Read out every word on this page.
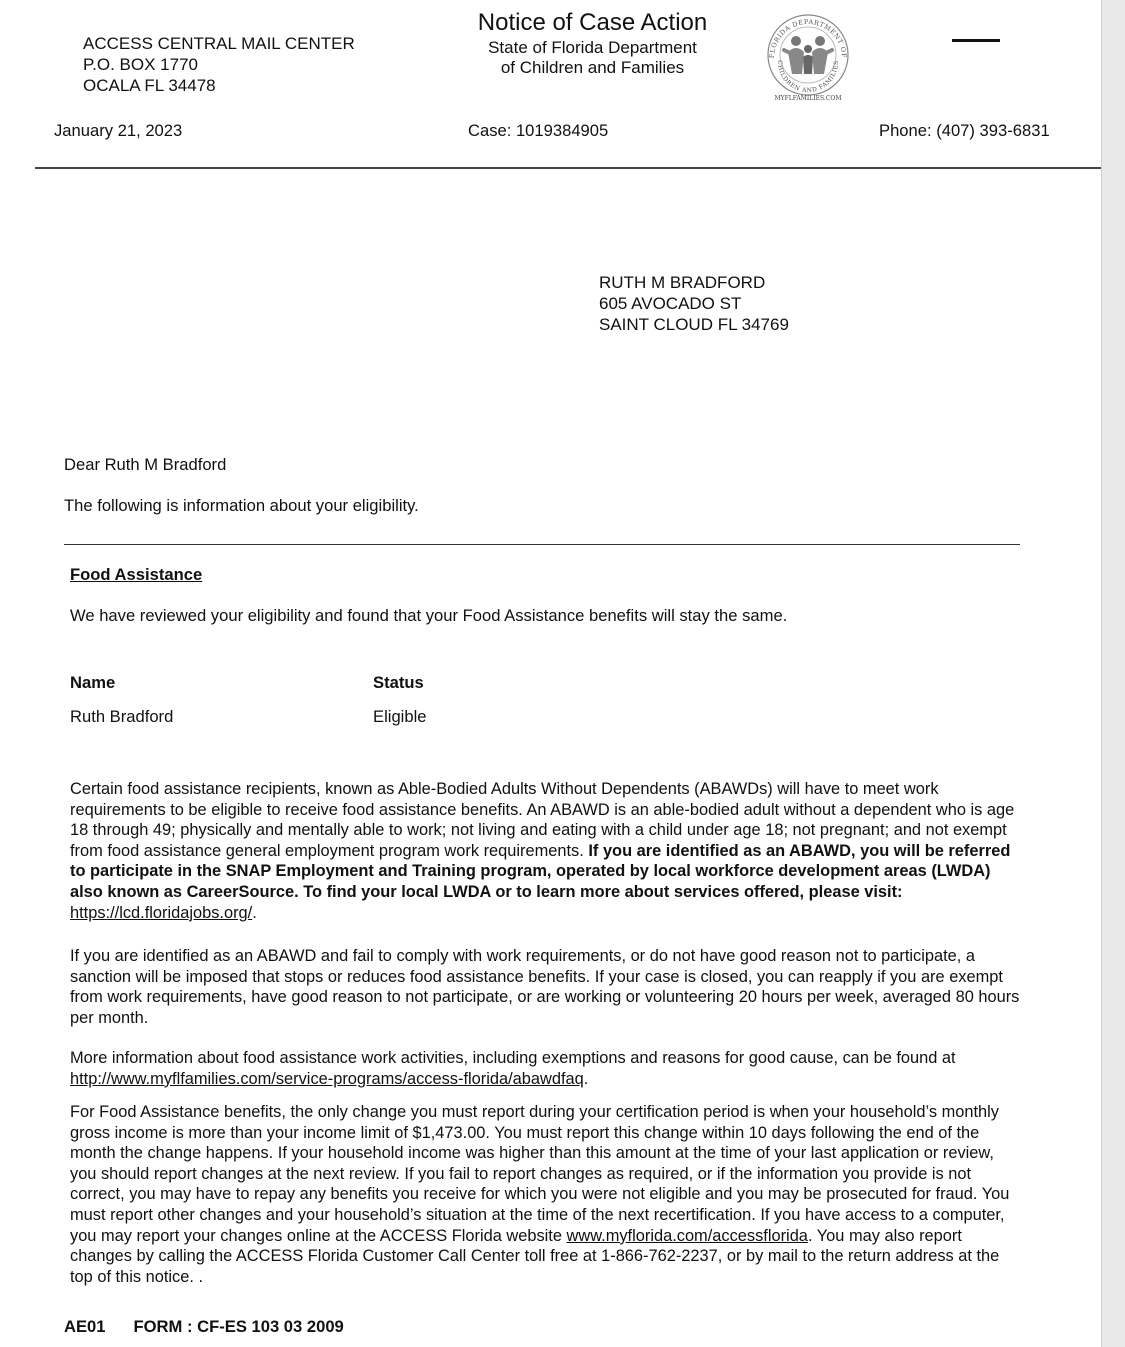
ACCESS CENTRAL MAIL CENTER
P.O. BOX 1770
OCALA FL 34478
Notice of Case Action
State of Florida Department
of Children and Families
FLORIDA DEPARTMENT OF
CHILDREN AND FAMILIES
MYFLFAMILIES.COM
January 21, 2023	Case: 1019384905	Phone: (407) 393-6831
RUTH M BRADFORD
605 AVOCADO ST
SAINT CLOUD FL 34769
Dear Ruth M Bradford
The following is information about your eligibility.
Food Assistance
We have reviewed your eligibility and found that your Food Assistance benefits will stay the same.
Name	Status
Ruth Bradford	Eligible
Certain food assistance recipients, known as Able-Bodied Adults Without Dependents (ABAWDs) will have to meet work requirements to be eligible to receive food assistance benefits. An ABAWD is an able-bodied adult without a dependent who is age 18 through 49; physically and mentally able to work; not living and eating with a child under age 18; not pregnant; and not exempt from food assistance general employment program work requirements. If you are identified as an ABAWD, you will be referred to participate in the SNAP Employment and Training program, operated by local workforce development areas (LWDA) also known as CareerSource. To find your local LWDA or to learn more about services offered, please visit: https://lcd.floridajobs.org/.
If you are identified as an ABAWD and fail to comply with work requirements, or do not have good reason not to participate, a sanction will be imposed that stops or reduces food assistance benefits. If your case is closed, you can reapply if you are exempt from work requirements, have good reason to not participate, or are working or volunteering 20 hours per week, averaged 80 hours per month.
More information about food assistance work activities, including exemptions and reasons for good cause, can be found at http://www.myflfamilies.com/service-programs/access-florida/abawdfaq.
For Food Assistance benefits, the only change you must report during your certification period is when your household’s monthly gross income is more than your income limit of $1,473.00. You must report this change within 10 days following the end of the month the change happens. If your household income was higher than this amount at the time of your last application or review, you should report changes at the next review. If you fail to report changes as required, or if the information you provide is not correct, you may have to repay any benefits you receive for which you were not eligible and you may be prosecuted for fraud. You must report other changes and your household’s situation at the time of the next recertification. If you have access to a computer, you may report your changes online at the ACCESS Florida website www.myflorida.com/accessflorida. You may also report changes by calling the ACCESS Florida Customer Call Center toll free at 1-866-762-2237, or by mail to the return address at the top of this notice. .
AE01 FORM : CF-ES 103 03 2009
